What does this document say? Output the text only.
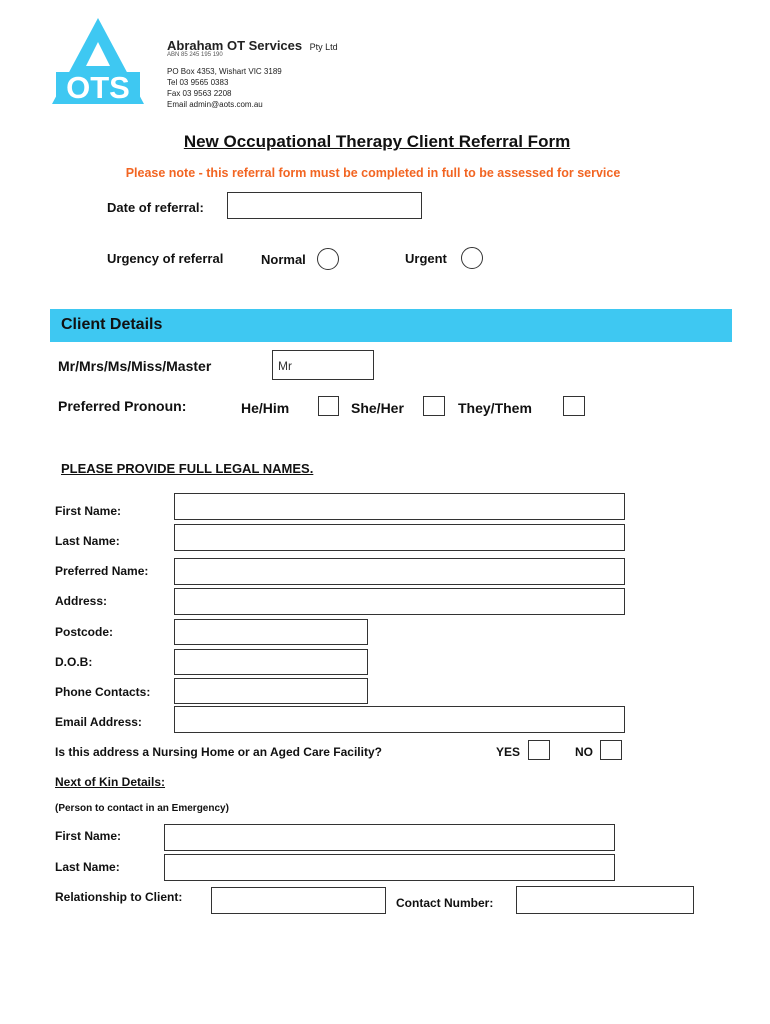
OTS
Abraham OT Services Pty Ltd
ABN 85 245 195 190
PO Box 4353, Wishart VIC 3189
Tel 03 9565 0383
Fax 03 9563 2208
Email admin@aots.com.au
New Occupational Therapy Client Referral Form
Please note - this referral form must be completed in full to be assessed for service
Date of referral:
Urgency of referral	Normal	Urgent
Client Details
Mr/Mrs/Ms/Miss/Master	Mr
Preferred Pronoun:	He/Him	She/Her	They/Them
PLEASE PROVIDE FULL LEGAL NAMES.
First Name:
Last Name:
Preferred Name:
Address:
Postcode:
D.O.B:
Phone Contacts:
Email Address:
Is this address a Nursing Home or an Aged Care Facility?	YES	NO
Next of Kin Details:
(Person to contact in an Emergency)
First Name:
Last Name:
Relationship to Client:	Contact Number:
